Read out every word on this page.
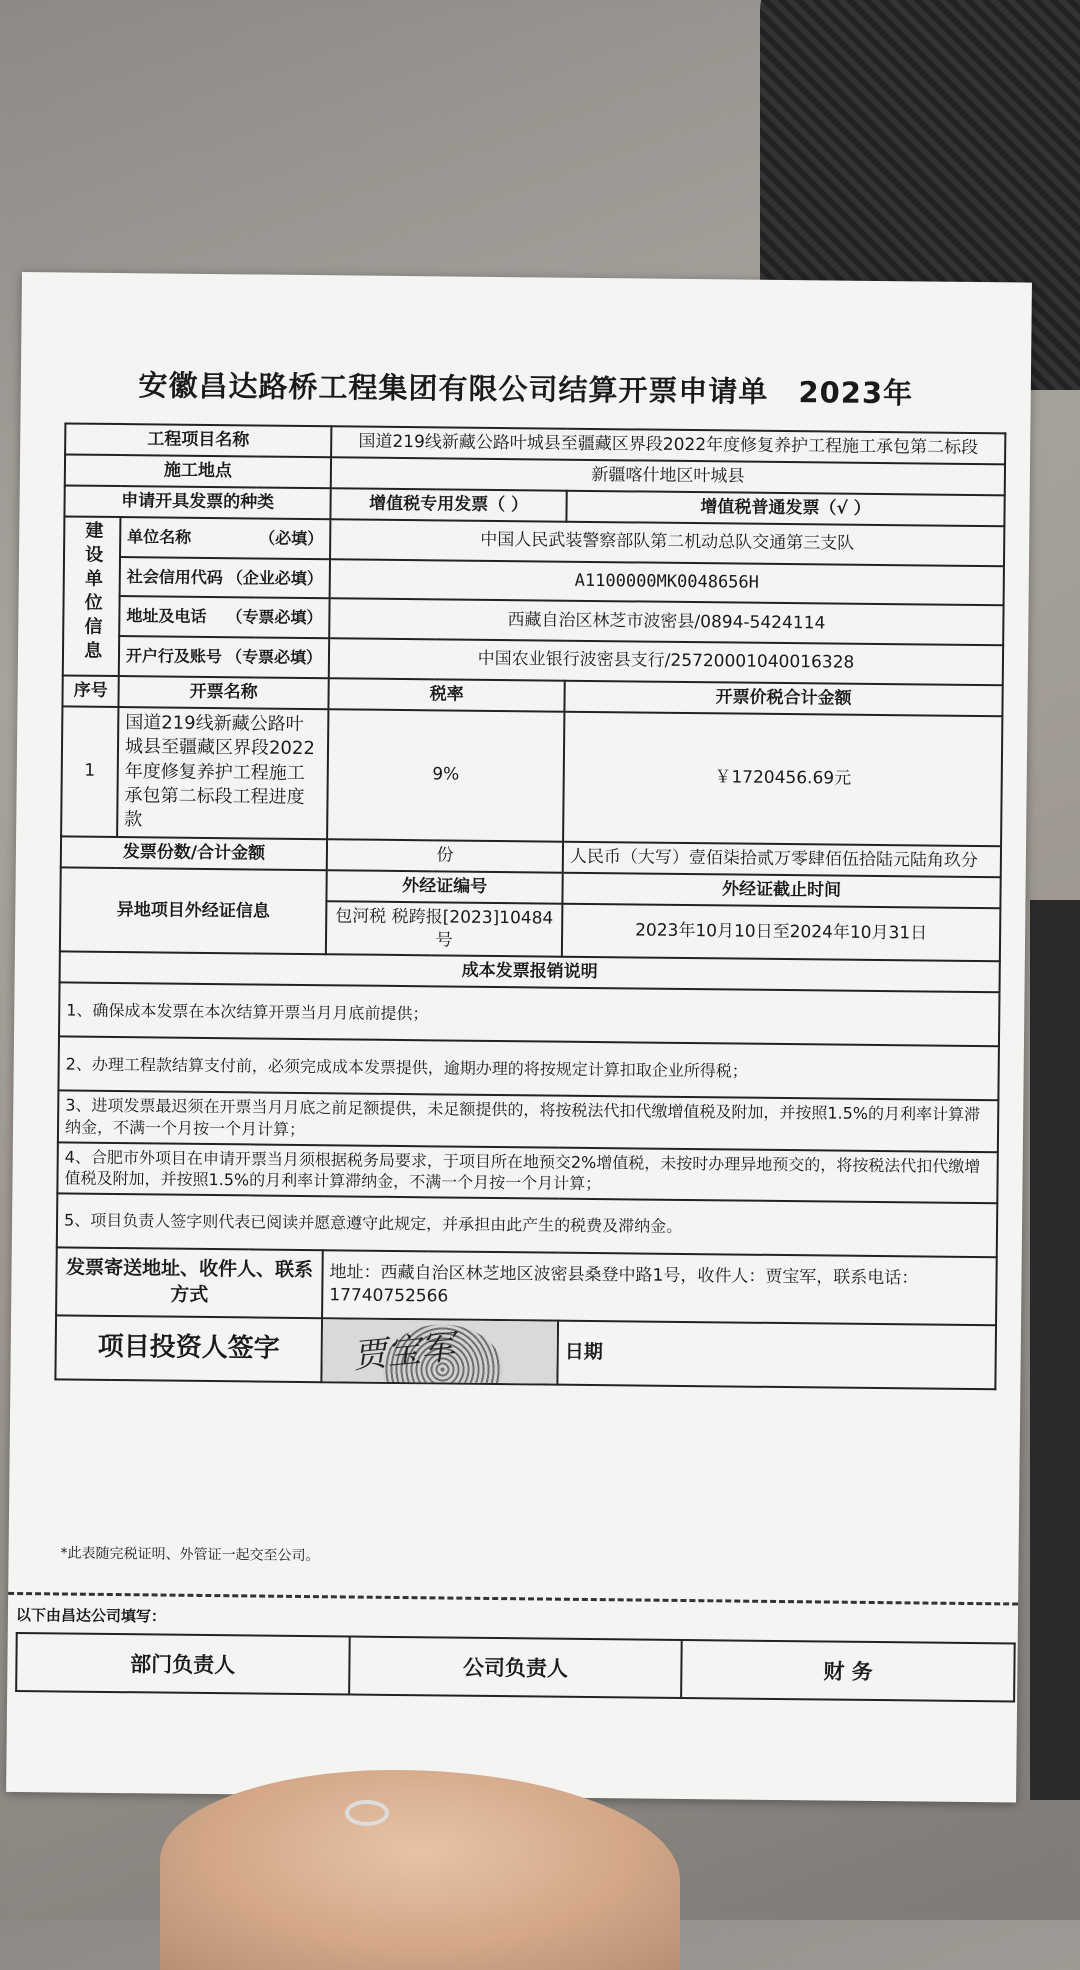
安徽昌达路桥工程集团有限公司结算开票申请单 2023年
工程项目名称		国道219线新藏公路叶城县至疆藏区界段2022年度修复养护工程施工承包第二标段	
施工地点		新疆喀什地区叶城县	
申请开具发票的种类		增值税专用发票（ ）	增值税普通发票（√ ）
建设单位信息	单位名称 （必填）	中国人民武装警察部队第二机动总队交通第三支队	

	社会信用代码 （企业必填）	A1100000MK0048656H	

	地址及电话 （专票必填）	西藏自治区林芝市波密县/0894-5424114	

	开户行及账号 （专票必填）	中国农业银行波密县支行/25720001040016328	
序号	开票名称	税率	开票价税合计金额
1	国道219线新藏公路叶城县至疆藏区界段2022年度修复养护工程施工承包第二标段工程进度款	9%	￥1720456.69元
发票份数/合计金额		份	人民币（大写）壹佰柒拾贰万零肆佰伍拾陆元陆角玖分
异地项目外经证信息		外经证编号	外经证截止时间
		包河税 税跨报[2023]10484号	2023年10月10日至2024年10月31日
成本发票报销说明			
1、确保成本发票在本次结算开票当月月底前提供；			
2、办理工程款结算支付前，必须完成成本发票提供，逾期办理的将按规定计算扣取企业所得税；			
3、进项发票最迟须在开票当月月底之前足额提供，未足额提供的，将按税法代扣代缴增值税及附加，并按照1.5%的月利率计算滞纳金，不满一个月按一个月计算；			
4、合肥市外项目在申请开票当月须根据税务局要求，于项目所在地预交2%增值税，未按时办理异地预交的，将按税法代扣代缴增值税及附加，并按照1.5%的月利率计算滞纳金，不满一个月按一个月计算；			
5、项目负责人签字则代表已阅读并愿意遵守此规定，并承担由此产生的税费及滞纳金。			
发票寄送地址、收件人、联系方式		地址：西藏自治区林芝地区波密县桑登中路1号，收件人：贾宝军，联系电话：17740752566	
项目投资人签字		贾宝军	日期
*此表随完税证明、外管证一起交至公司。
以下由昌达公司填写：
部门负责人	公司负责人	财 务
